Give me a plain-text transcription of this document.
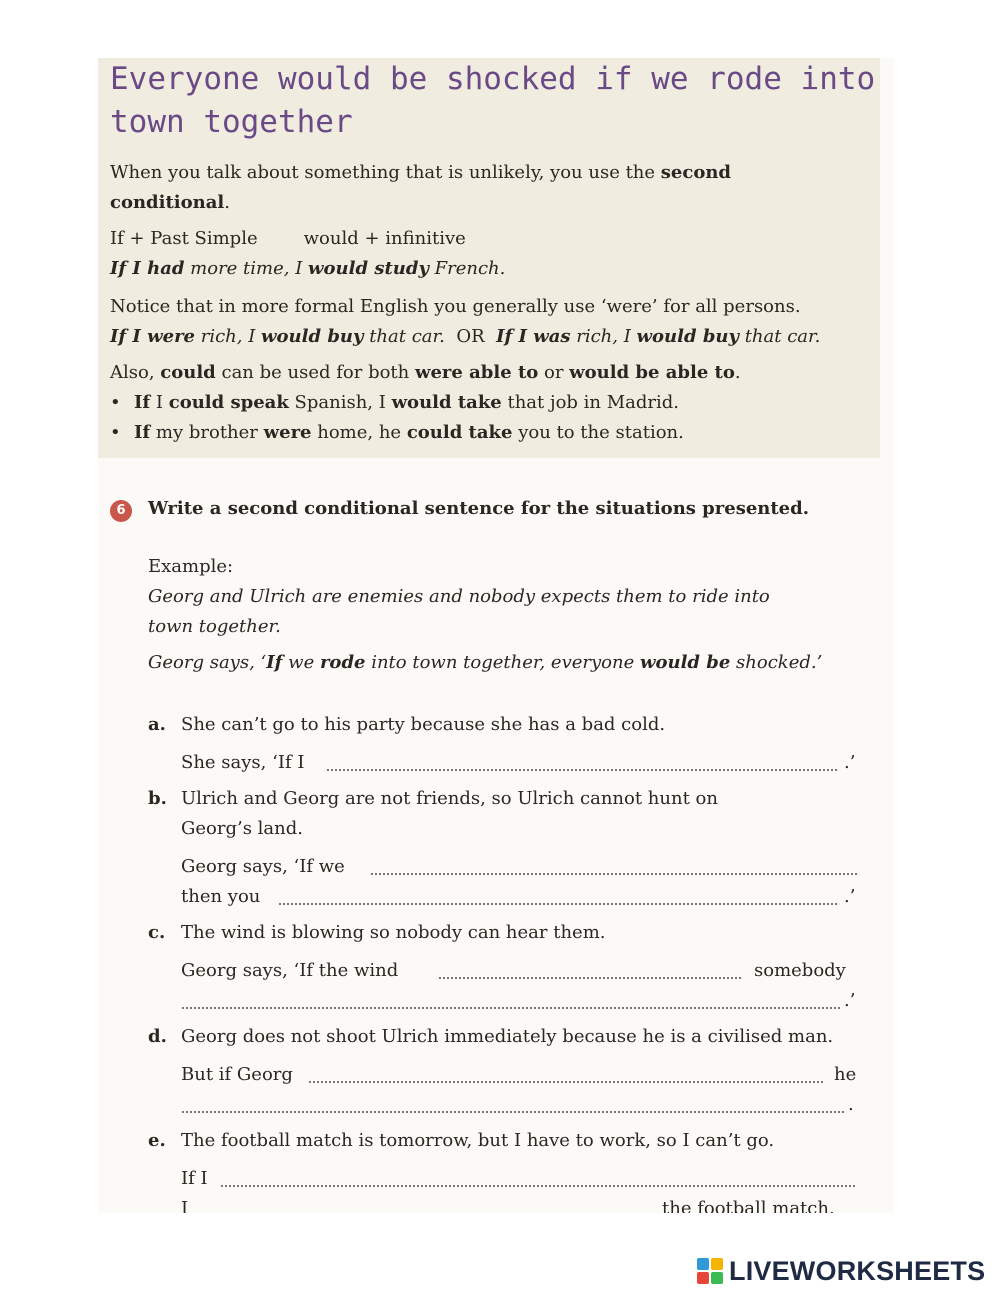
Everyone would be shocked if we rode into town together
When you talk about something that is unlikely, you use the second
conditional.
If + Past Simple	would + infinitive
If I had more time, I would study French.
Notice that in more formal English you generally use ‘were’ for all persons.
If I were rich, I would buy that car.  OR  If I was rich, I would buy that car.
Also, could can be used for both were able to or would be able to.
• If I could speak Spanish, I would take that job in Madrid.
• If my brother were home, he could take you to the station.
6	Write a second conditional sentence for the situations presented.
Example:
Georg and Ulrich are enemies and nobody expects them to ride into
town together.
Georg says, ‘If we rode into town together, everyone would be shocked.’
a. She can’t go to his party because she has a bad cold.
She says, ‘If I	.’
b. Ulrich and Georg are not friends, so Ulrich cannot hunt on
Georg’s land.
Georg says, ‘If we
then you	.’
c. The wind is blowing so nobody can hear them.
Georg says, ‘If the wind	somebody
.’
d. Georg does not shoot Ulrich immediately because he is a civilised man.
But if Georg	he
.
e. The football match is tomorrow, but I have to work, so I can’t go.
If I
I	the football match.
LIVEWORKSHEETS
